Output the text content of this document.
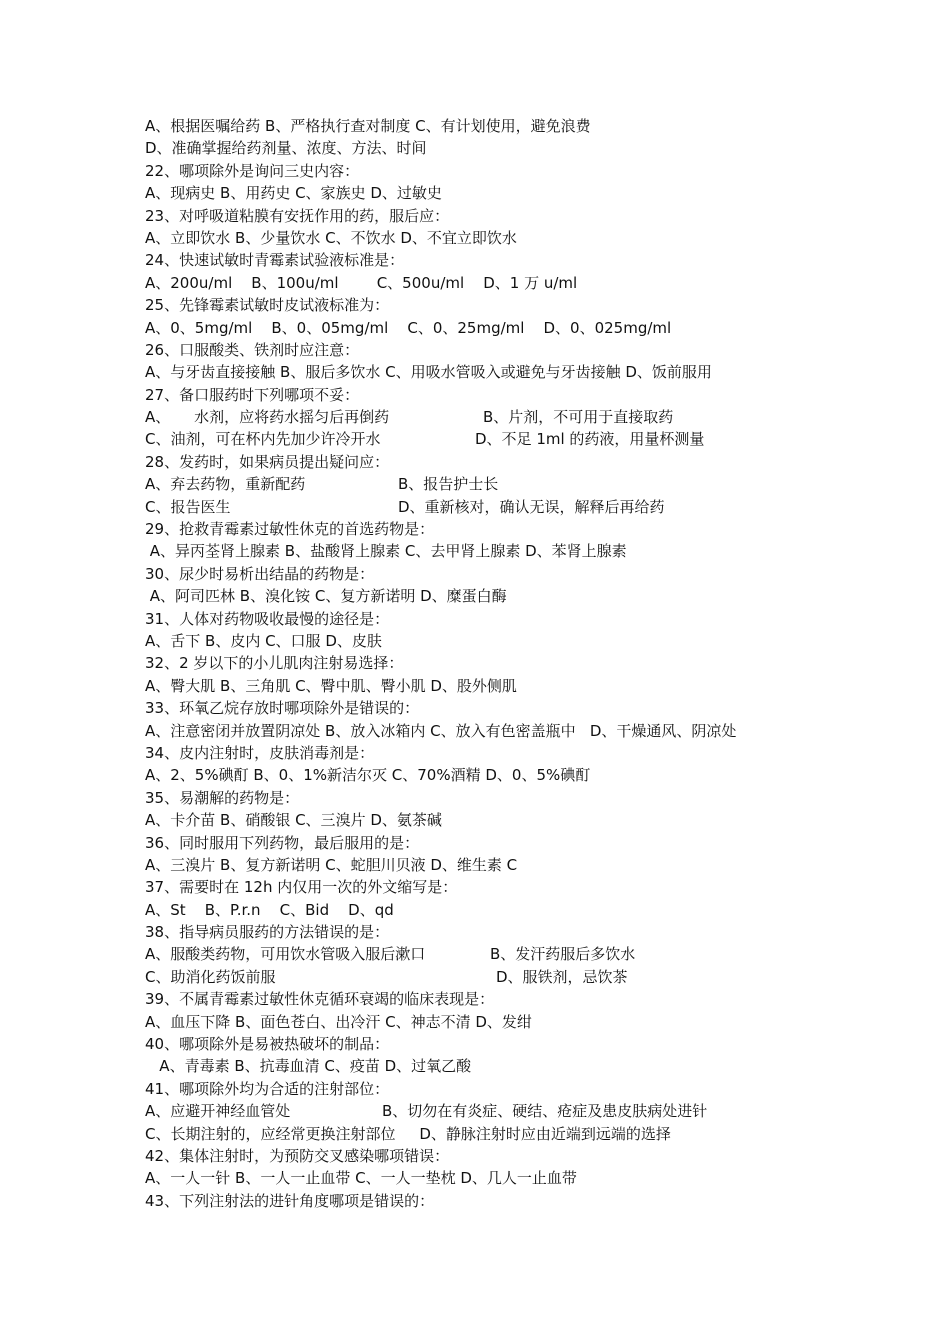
A、根据医嘱给药 B、严格执行查对制度 C、有计划使用，避免浪费
D、准确掌握给药剂量、浓度、方法、时间
22、哪项除外是询问三史内容：
A、现病史 B、用药史 C、家族史 D、过敏史
23、对呼吸道粘膜有安抚作用的药，服后应：
A、立即饮水 B、少量饮水 C、不饮水 D、不宜立即饮水
24、快速试敏时青霉素试验液标准是：
A、200u/ml    B、100u/ml        C、500u/ml    D、1 万 u/ml
25、先锋霉素试敏时皮试液标准为：
A、0、5mg/ml    B、0、05mg/ml    C、0、25mg/ml    D、0、025mg/ml
26、口服酸类、铁剂时应注意：
A、与牙齿直接接触 B、服后多饮水 C、用吸水管吸入或避免与牙齿接触 D、饭前服用
27、备口服药时下列哪项不妥：
A、     水剂，应将药水摇匀后再倒药	B、片剂，不可用于直接取药
C、油剂，可在杯内先加少许冷开水	D、不足 1ml 的药液，用量杯测量
28、发药时，如果病员提出疑问应：
A、弃去药物，重新配药	B、报告护士长
C、报告医生	D、重新核对，确认无误，解释后再给药
29、抢救青霉素过敏性休克的首选药物是：
A、异丙荃肾上腺素 B、盐酸肾上腺素 C、去甲肾上腺素 D、苯肾上腺素
30、尿少时易析出结晶的药物是：
A、阿司匹林 B、溴化铵 C、复方新诺明 D、糜蛋白酶
31、人体对药物吸收最慢的途径是：
A、舌下 B、皮内 C、口服 D、皮肤
32、2 岁以下的小儿肌肉注射易选择：
A、臀大肌 B、三角肌 C、臀中肌、臀小肌 D、股外侧肌
33、环氧乙烷存放时哪项除外是错误的：
A、注意密闭并放置阴凉处 B、放入冰箱内 C、放入有色密盖瓶中   D、干燥通风、阴凉处
34、皮内注射时，皮肤消毒剂是：
A、2、5%碘酊 B、0、1%新洁尔灭 C、70%酒精 D、0、5%碘酊
35、易潮解的药物是：
A、卡介苗 B、硝酸银 C、三溴片 D、氨茶碱
36、同时服用下列药物，最后服用的是：
A、三溴片 B、复方新诺明 C、蛇胆川贝液 D、维生素 C
37、需要时在 12h 内仅用一次的外文缩写是：
A、St    B、P.r.n    C、Bid    D、qd
38、指导病员服药的方法错误的是：
A、服酸类药物，可用饮水管吸入服后漱口	B、发汗药服后多饮水
C、助消化药饭前服	D、服铁剂，忌饮茶
39、不属青霉素过敏性休克循环衰竭的临床表现是：
A、血压下降 B、面色苍白、出冷汗 C、神志不清 D、发绀
40、哪项除外是易被热破坏的制品：
A、青毒素 B、抗毒血清 C、疫苗 D、过氧乙酸
41、哪项除外均为合适的注射部位：
A、应避开神经血管处	B、切勿在有炎症、硬结、疮症及患皮肤病处进针
C、长期注射的，应经常更换注射部位     D、静脉注射时应由近端到远端的选择
42、集体注射时，为预防交叉感染哪项错误：
A、一人一针 B、一人一止血带 C、一人一垫枕 D、几人一止血带
43、下列注射法的进针角度哪项是错误的：
